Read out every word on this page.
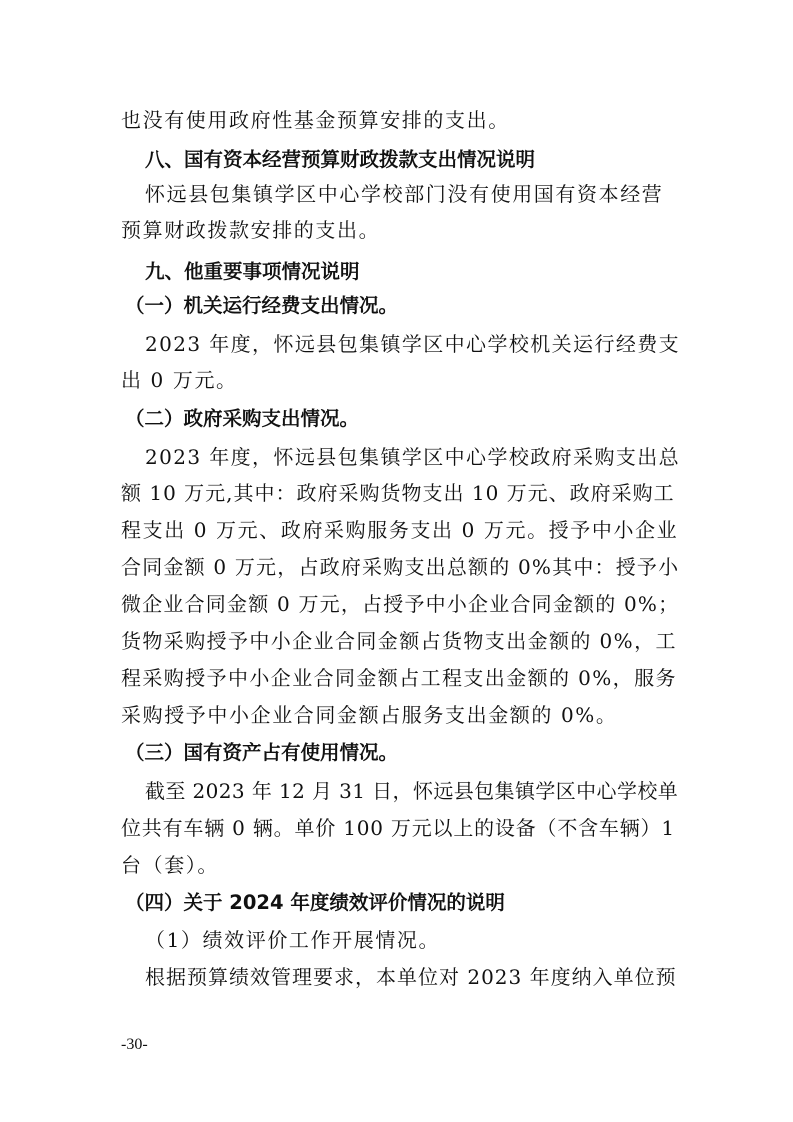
也没有使用政府性基金预算安排的支出。
八、国有资本经营预算财政拨款支出情况说明
怀远县包集镇学区中心学校部门没有使用国有资本经营
预算财政拨款安排的支出。
九、他重要事项情况说明
（一）机关运行经费支出情况。
2023 年度，怀远县包集镇学区中心学校机关运行经费支
出 0 万元。
（二）政府采购支出情况。
2023 年度，怀远县包集镇学区中心学校政府采购支出总
额 10 万元,其中：政府采购货物支出 10 万元、政府采购工
程支出 0 万元、政府采购服务支出 0 万元。授予中小企业
合同金额 0 万元，占政府采购支出总额的 0%其中：授予小
微企业合同金额 0 万元，占授予中小企业合同金额的 0%；
货物采购授予中小企业合同金额占货物支出金额的 0%，工
程采购授予中小企业合同金额占工程支出金额的 0%，服务
采购授予中小企业合同金额占服务支出金额的 0%。
（三）国有资产占有使用情况。
截至 2023 年 12 月 31 日，怀远县包集镇学区中心学校单
位共有车辆 0 辆。单价 100 万元以上的设备（不含车辆）1
台（套）。
（四）关于 2024 年度绩效评价情况的说明
（1）绩效评价工作开展情况。
根据预算绩效管理要求，本单位对 2023 年度纳入单位预
-30-
